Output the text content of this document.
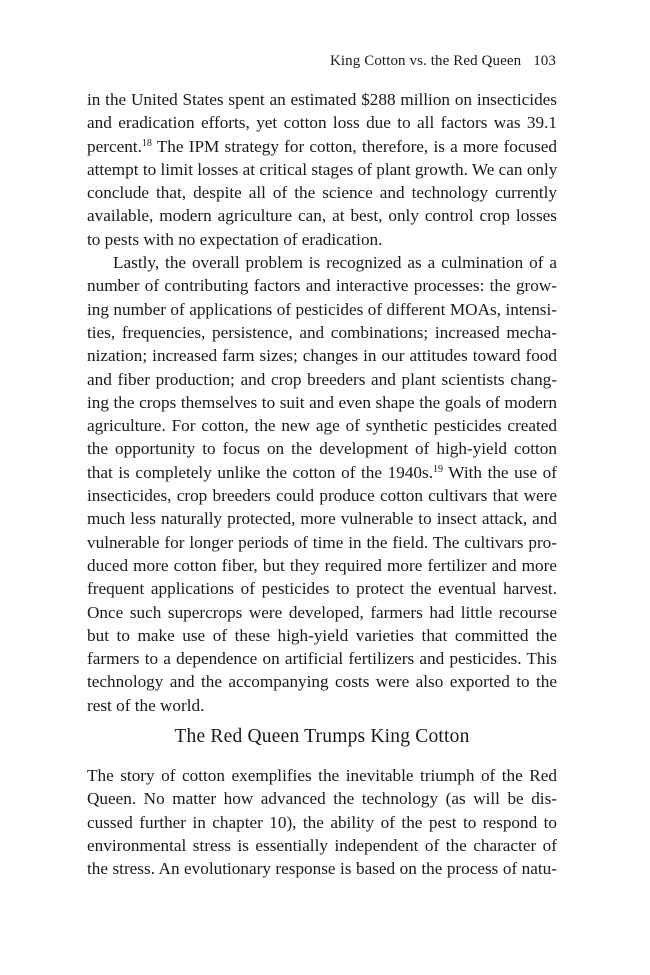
King Cotton vs. the Red Queen 103
in the United States spent an estimated $288 million on insecticides
and eradication efforts, yet cotton loss due to all factors was 39.1
percent.$^{18}$ The IPM strategy for cotton, therefore, is a more focused
attempt to limit losses at critical stages of plant growth. We can only
conclude that, despite all of the science and technology currently
available, modern agriculture can, at best, only control crop losses
to pests with no expectation of eradication.
Lastly, the overall problem is recognized as a culmination of a
number of contributing factors and interactive processes: the grow-
ing number of applications of pesticides of different MOAs, intensi-
ties, frequencies, persistence, and combinations; increased mecha-
nization; increased farm sizes; changes in our attitudes toward food
and fiber production; and crop breeders and plant scientists chang-
ing the crops themselves to suit and even shape the goals of modern
agriculture. For cotton, the new age of synthetic pesticides created
the opportunity to focus on the development of high-yield cotton
that is completely unlike the cotton of the 1940s.$^{19}$ With the use of
insecticides, crop breeders could produce cotton cultivars that were
much less naturally protected, more vulnerable to insect attack, and
vulnerable for longer periods of time in the field. The cultivars pro-
duced more cotton fiber, but they required more fertilizer and more
frequent applications of pesticides to protect the eventual harvest.
Once such supercrops were developed, farmers had little recourse
but to make use of these high-yield varieties that committed the
farmers to a dependence on artificial fertilizers and pesticides. This
technology and the accompanying costs were also exported to the
rest of the world.
The Red Queen Trumps King Cotton
The story of cotton exemplifies the inevitable triumph of the Red
Queen. No matter how advanced the technology (as will be dis-
cussed further in chapter 10), the ability of the pest to respond to
environmental stress is essentially independent of the character of
the stress. An evolutionary response is based on the process of natu-
